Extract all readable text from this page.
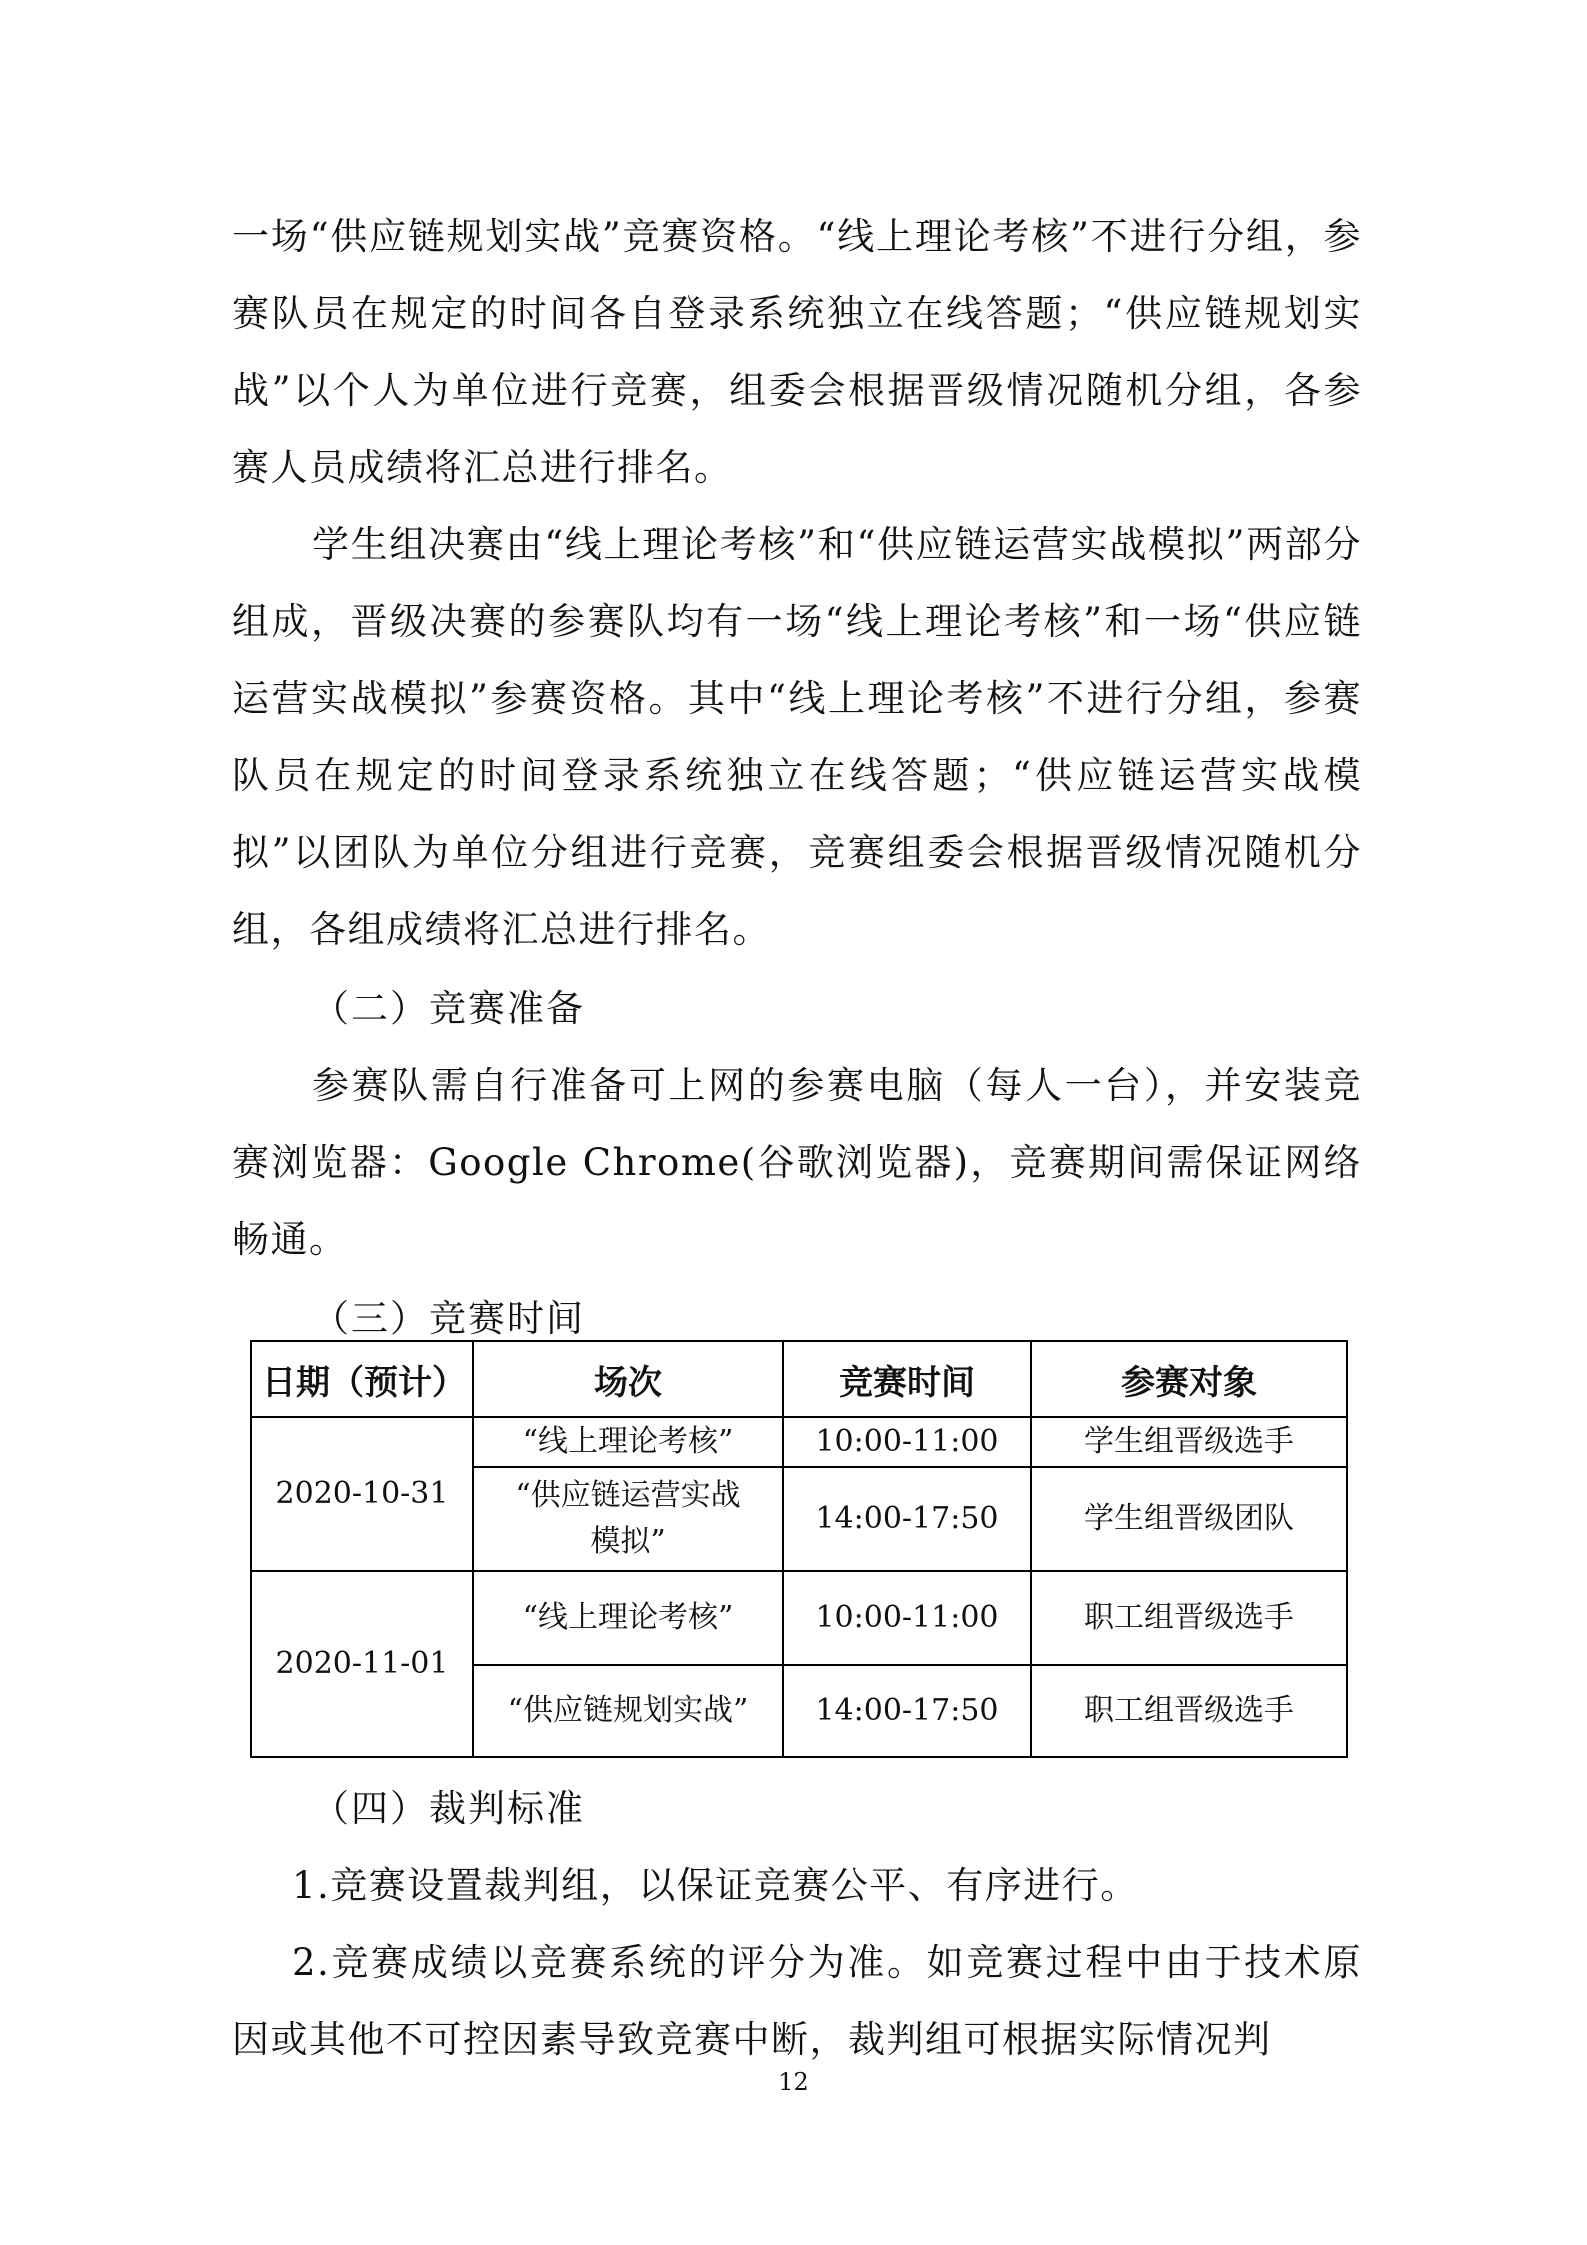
一场“供应链规划实战”竞赛资格。“线上理论考核”不进行分组，参赛队员在规定的时间各自登录系统独立在线答题；“供应链规划实战”以个人为单位进行竞赛，组委会根据晋级情况随机分组，各参赛人员成绩将汇总进行排名。

学生组决赛由“线上理论考核”和“供应链运营实战模拟”两部分组成，晋级决赛的参赛队均有一场“线上理论考核”和一场“供应链运营实战模拟”参赛资格。其中“线上理论考核”不进行分组，参赛队员在规定的时间登录系统独立在线答题；“供应链运营实战模拟”以团队为单位分组进行竞赛，竞赛组委会根据晋级情况随机分组，各组成绩将汇总进行排名。

（二）竞赛准备

参赛队需自行准备可上网的参赛电脑（每人一台），并安装竞赛浏览器：Google Chrome(谷歌浏览器)，竞赛期间需保证网络畅通。

（三）竞赛时间

日期（预计）	场次	竞赛时间	参赛对象
2020-10-31	“线上理论考核”	10:00-11:00	学生组晋级选手
	“供应链运营实战模拟”	14:00-17:50	学生组晋级团队
2020-11-01	“线上理论考核”	10:00-11:00	职工组晋级选手
	“供应链规划实战”	14:00-17:50	职工组晋级选手

（四）裁判标准

1.竞赛设置裁判组，以保证竞赛公平、有序进行。

2.竞赛成绩以竞赛系统的评分为准。如竞赛过程中由于技术原因或其他不可控因素导致竞赛中断，裁判组可根据实际情况判

12
